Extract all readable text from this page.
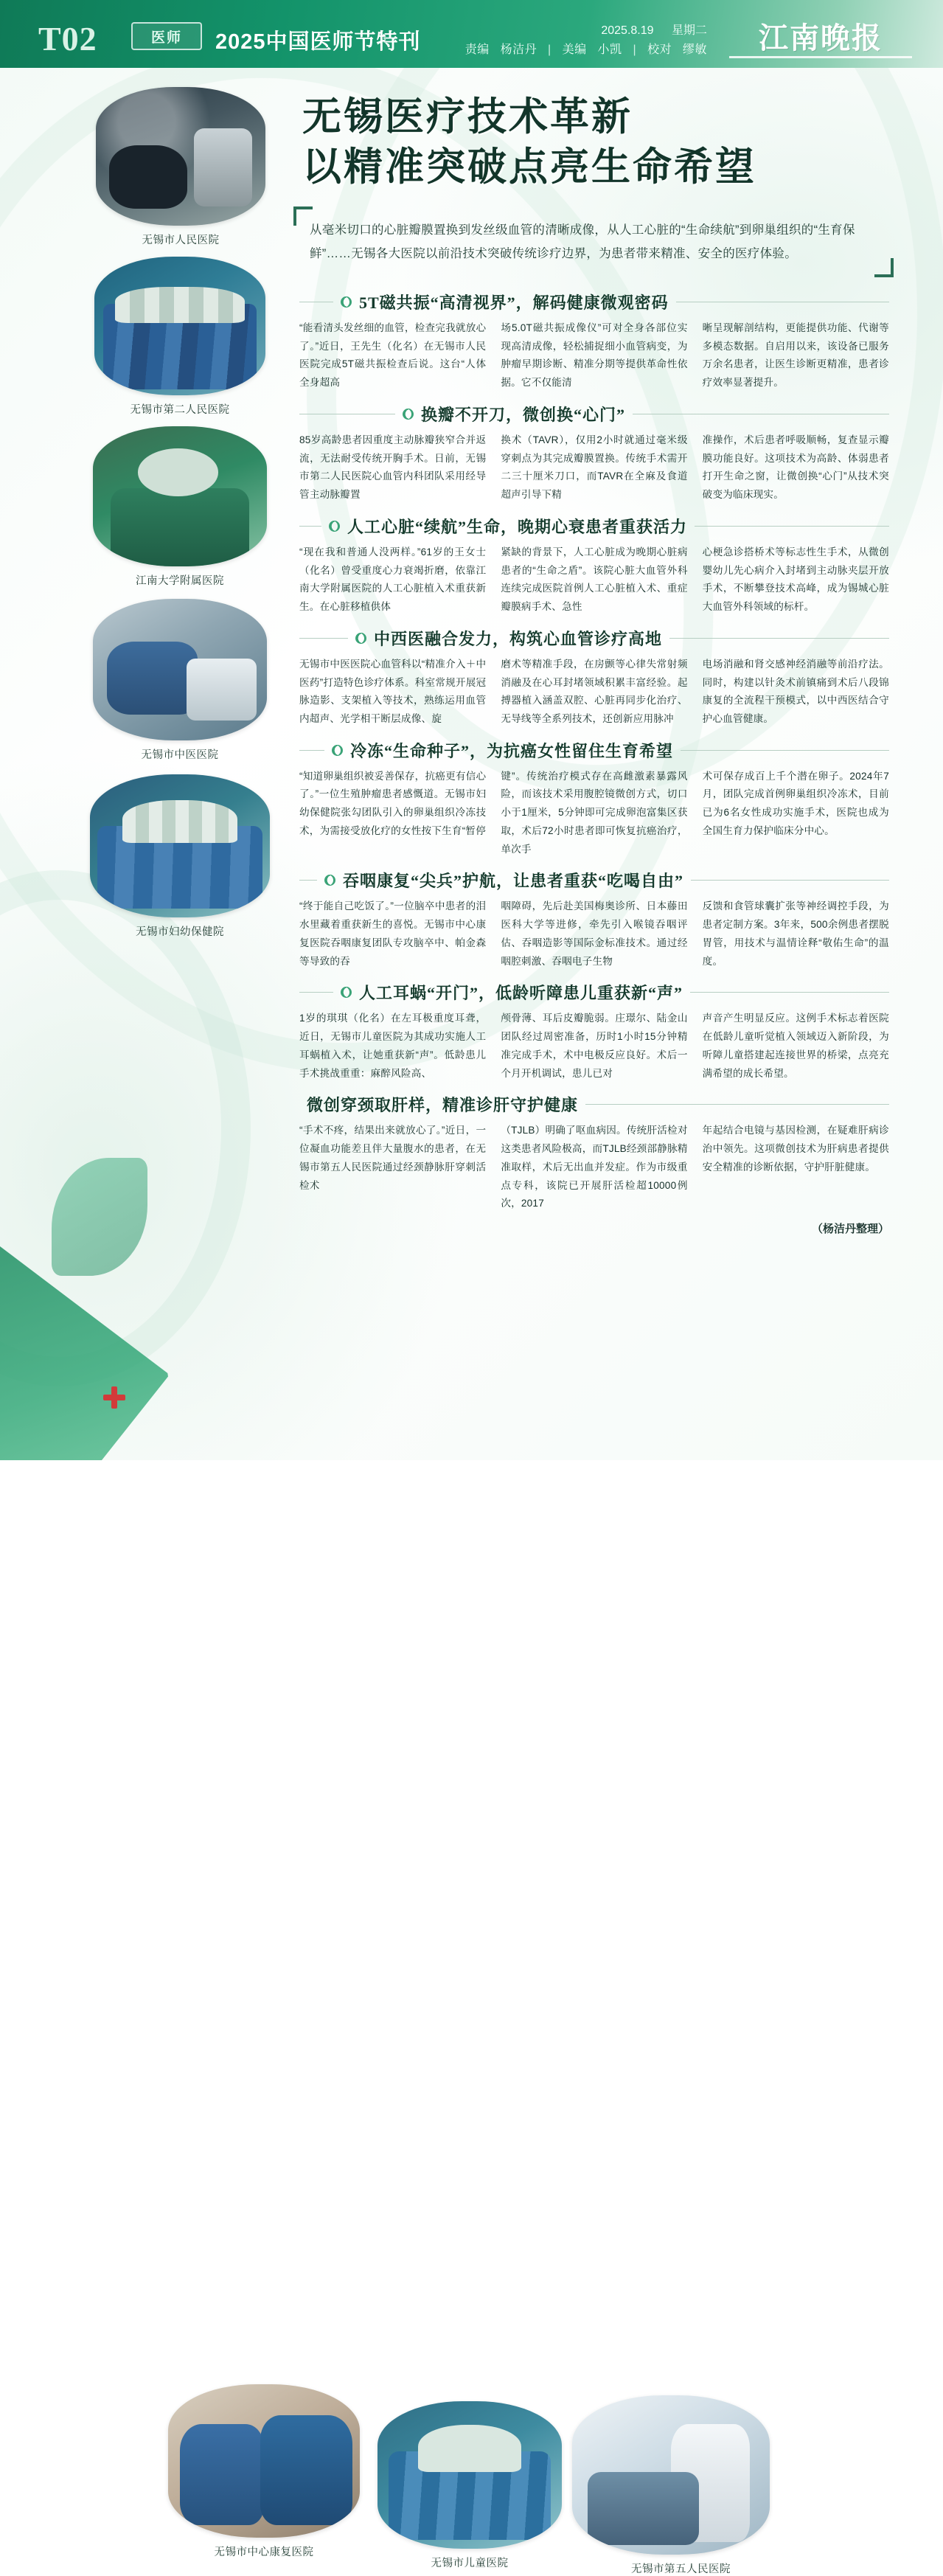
T02	医师 2025中国医师节特刊	2025.8.19 星期二
责编 杨洁丹 | 美编 小凯 | 校对 缪敏 江南晚报
无锡医疗技术革新
以精准突破点亮生命希望
从毫米切口的心脏瓣膜置换到发丝级血管的清晰成像，从人工心脏的“生命续航”到卵巢组织的“生育保鲜”……无锡各大医院以前沿技术突破传统诊疗边界，为患者带来精准、安全的医疗体验。
无锡市人民医院
无锡市第二人民医院
江南大学附属医院
无锡市中医医院
无锡市妇幼保健院
5T磁共振“高清视界”，解码健康微观密码

“能看清头发丝细的血管，检查完我就放心了。”近日，王先生（化名）在无锡市人民医院完成5T磁共振检查后说。这台“人体全身超高

场5.0T磁共振成像仪”可对全身各部位实现高清成像，轻松捕捉细小血管病变，为肿瘤早期诊断、精准分期等提供革命性依据。它不仅能清

晰呈现解剖结构，更能提供功能、代谢等多模态数据。自启用以来，该设备已服务万余名患者，让医生诊断更精准，患者诊疗效率显著提升。

换瓣不开刀，微创换“心门”

85岁高龄患者因重度主动脉瓣狭窄合并返流，无法耐受传统开胸手术。日前，无锡市第二人民医院心血管内科团队采用经导管主动脉瓣置

换术（TAVR），仅用2小时就通过毫米级穿刺点为其完成瓣膜置换。传统手术需开二三十厘米刀口，而TAVR在全麻及食道超声引导下精

准操作，术后患者呼吸顺畅，复查显示瓣膜功能良好。这项技术为高龄、体弱患者打开生命之窗，让微创换“心门”从技术突破变为临床现实。

人工心脏“续航”生命，晚期心衰患者重获活力

“现在我和普通人没两样。”61岁的王女士（化名）曾受重度心力衰竭折磨，依靠江南大学附属医院的人工心脏植入术重获新生。在心脏移植供体

紧缺的背景下，人工心脏成为晚期心脏病患者的“生命之盾”。该院心脏大血管外科连续完成医院首例人工心脏植入术、重症瓣膜病手术、急性

心梗急诊搭桥术等标志性生手术，从微创婴幼儿先心病介入封堵到主动脉夹层开放手术，不断攀登技术高峰，成为锡城心脏大血管外科领域的标杆。

中西医融合发力，构筑心血管诊疗高地

无锡市中医医院心血管科以“精准介入＋中医药”打造特色诊疗体系。科室常规开展冠脉造影、支架植入等技术，熟练运用血管内超声、光学相干断层成像、旋

磨术等精准手段，在房颤等心律失常射频消融及在心耳封堵领域积累丰富经验。起搏器植入涵盖双腔、心脏再同步化治疗、无导线等全系列技术，还创新应用脉冲

电场消融和肾交感神经消融等前沿疗法。同时，构建以针灸术前镇痛到术后八段锦康复的全流程干预模式，以中西医结合守护心血管健康。

冷冻“生命种子”，为抗癌女性留住生育希望

“知道卵巢组织被妥善保存，抗癌更有信心了。”一位生殖肿瘤患者感慨道。无锡市妇幼保健院张勾团队引入的卵巢组织冷冻技术，为需接受放化疗的女性按下生育“暂停

键”。传统治疗模式存在高雌激素暴露风险，而该技术采用腹腔镜微创方式，切口小于1厘米，5分钟即可完成卵泡富集区获取，术后72小时患者即可恢复抗癌治疗，单次手

术可保存成百上千个潜在卵子。2024年7月，团队完成首例卵巢组织冷冻术，目前已为6名女性成功实施手术，医院也成为全国生育力保护临床分中心。

吞咽康复“尖兵”护航，让患者重获“吃喝自由”

“终于能自己吃饭了。”一位脑卒中患者的泪水里藏着重获新生的喜悦。无锡市中心康复医院吞咽康复团队专攻脑卒中、帕金森等导致的吞

咽障碍，先后赴美国梅奥诊所、日本藤田医科大学等进修，牵先引入喉镜吞咽评估、吞咽造影等国际金标准技术。通过经咽腔刺激、吞咽电子生物

反馈和食管球囊扩张等神经调控手段，为患者定制方案。3年来，500余例患者摆脱胃管，用技术与温情诠释“敬佑生命”的温度。

人工耳蜗“开门”，低龄听障患儿重获新“声”

1岁的琪琪（化名）在左耳极重度耳聋，近日，无锡市儿童医院为其成功实施人工耳蜗植入术，让她重获新“声”。低龄患儿手术挑战重重：麻醉风险高、

颅骨薄、耳后皮瓣脆弱。庄璟尔、陆金山团队经过周密准备，历时1小时15分钟精准完成手术，术中电极反应良好。术后一个月开机调试，患儿已对

声音产生明显反应。这例手术标志着医院在低龄儿童听觉植入领域迈入新阶段，为听障儿童搭建起连接世界的桥梁，点亮充满希望的成长希望。

微创穿颈取肝样，精准诊肝守护健康

“手术不疼，结果出来就放心了。”近日，一位凝血功能差且伴大量腹水的患者，在无锡市第五人民医院通过经颈静脉肝穿刺活检术

（TJLB）明确了呕血病因。传统肝活检对这类患者风险极高，而TJLB经颈部静脉精准取样，术后无出血并发症。作为市级重点专科，该院已开展肝活检超10000例次，2017

年起结合电镜与基因检测，在疑难肝病诊治中领先。这项微创技术为肝病患者提供安全精准的诊断依据，守护肝脏健康。

（杨洁丹整理）
无锡市中心康复医院
无锡市儿童医院	无锡市第五人民医院
